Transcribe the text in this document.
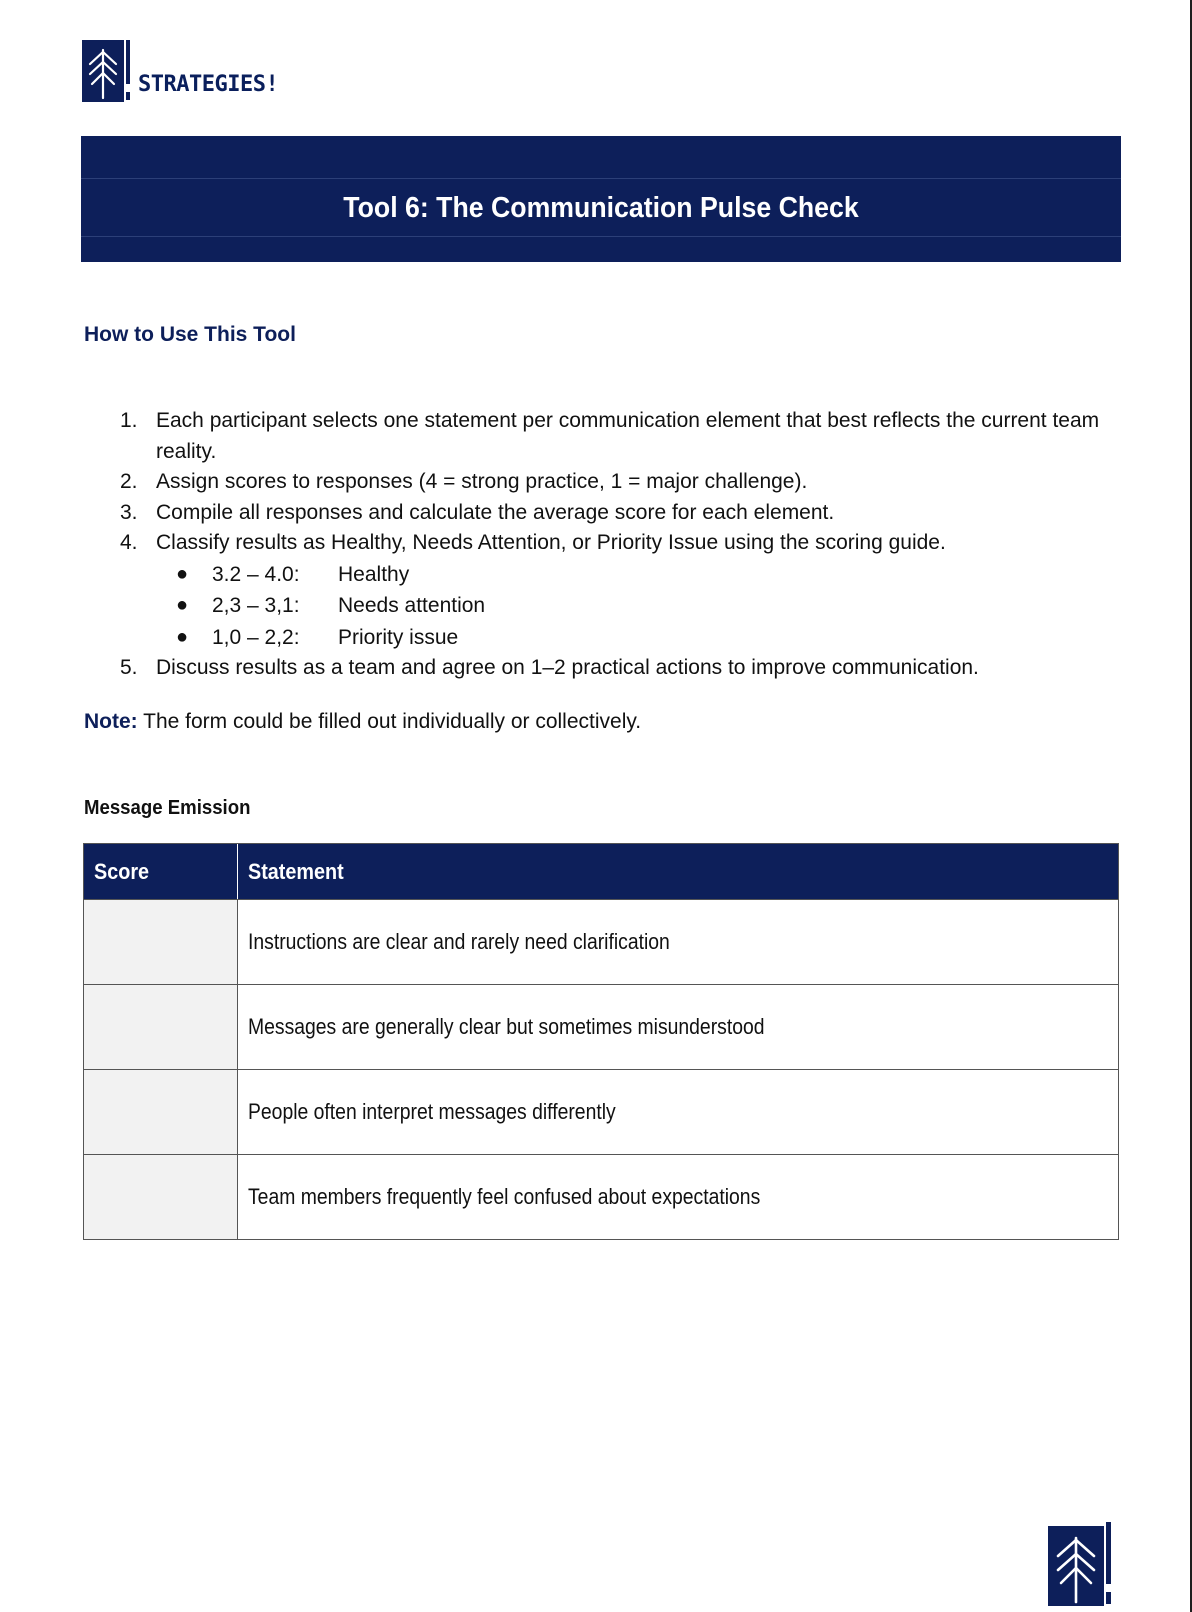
STRATEGIES!
Tool 6: The Communication Pulse Check
How to Use This Tool
1. Each participant selects one statement per communication element that best reflects the current team reality.
2. Assign scores to responses (4 = strong practice, 1 = major challenge).
3. Compile all responses and calculate the average score for each element.
4. Classify results as Healthy, Needs Attention, or Priority Issue using the scoring guide.
● 3.2 – 4.0: Healthy
● 2,3 – 3,1: Needs attention
● 1,0 – 2,2: Priority issue
5. Discuss results as a team and agree on 1–2 practical actions to improve communication.
Note: The form could be filled out individually or collectively.
Message Emission
Score	Statement
Instructions are clear and rarely need clarification
Messages are generally clear but sometimes misunderstood
People often interpret messages differently
Team members frequently feel confused about expectations
